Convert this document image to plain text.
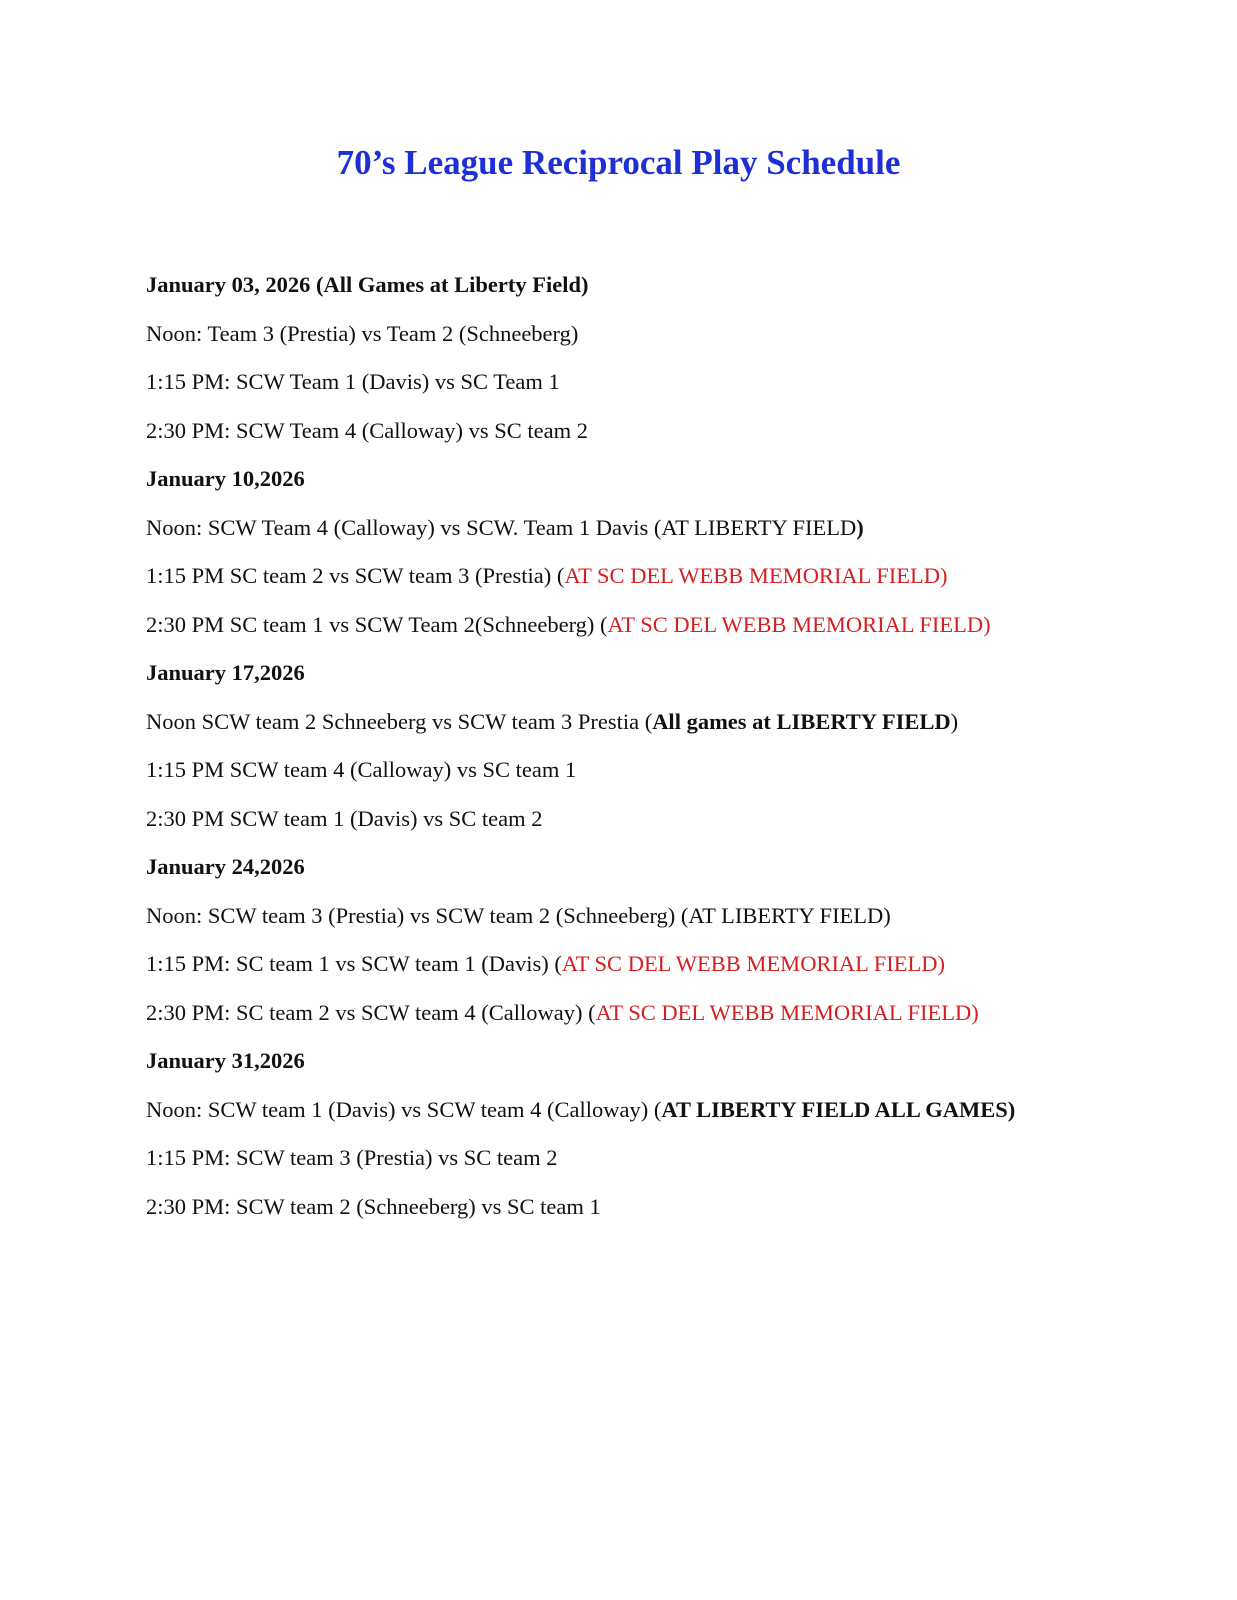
70’s League Reciprocal Play Schedule
January 03, 2026 (All Games at Liberty Field)
Noon: Team 3 (Prestia) vs Team 2 (Schneeberg)
1:15 PM: SCW Team 1 (Davis) vs SC Team 1
2:30 PM: SCW Team 4 (Calloway) vs SC team 2
January 10,2026
Noon: SCW Team 4 (Calloway) vs SCW. Team 1 Davis (AT LIBERTY FIELD)
1:15 PM SC team 2 vs SCW team 3 (Prestia) (AT SC DEL WEBB MEMORIAL FIELD)
2:30 PM SC team 1 vs SCW Team 2(Schneeberg) (AT SC DEL WEBB MEMORIAL FIELD)
January 17,2026
Noon SCW team 2 Schneeberg vs SCW team 3 Prestia (All games at LIBERTY FIELD)
1:15 PM SCW team 4 (Calloway) vs SC team 1
2:30 PM SCW team 1 (Davis) vs SC team 2
January 24,2026
Noon: SCW team 3 (Prestia) vs SCW team 2 (Schneeberg) (AT LIBERTY FIELD)
1:15 PM: SC team 1 vs SCW team 1 (Davis) (AT SC DEL WEBB MEMORIAL FIELD)
2:30 PM: SC team 2 vs SCW team 4 (Calloway) (AT SC DEL WEBB MEMORIAL FIELD)
January 31,2026
Noon: SCW team 1 (Davis) vs SCW team 4 (Calloway) (AT LIBERTY FIELD ALL GAMES)
1:15 PM: SCW team 3 (Prestia) vs SC team 2
2:30 PM: SCW team 2 (Schneeberg) vs SC team 1
